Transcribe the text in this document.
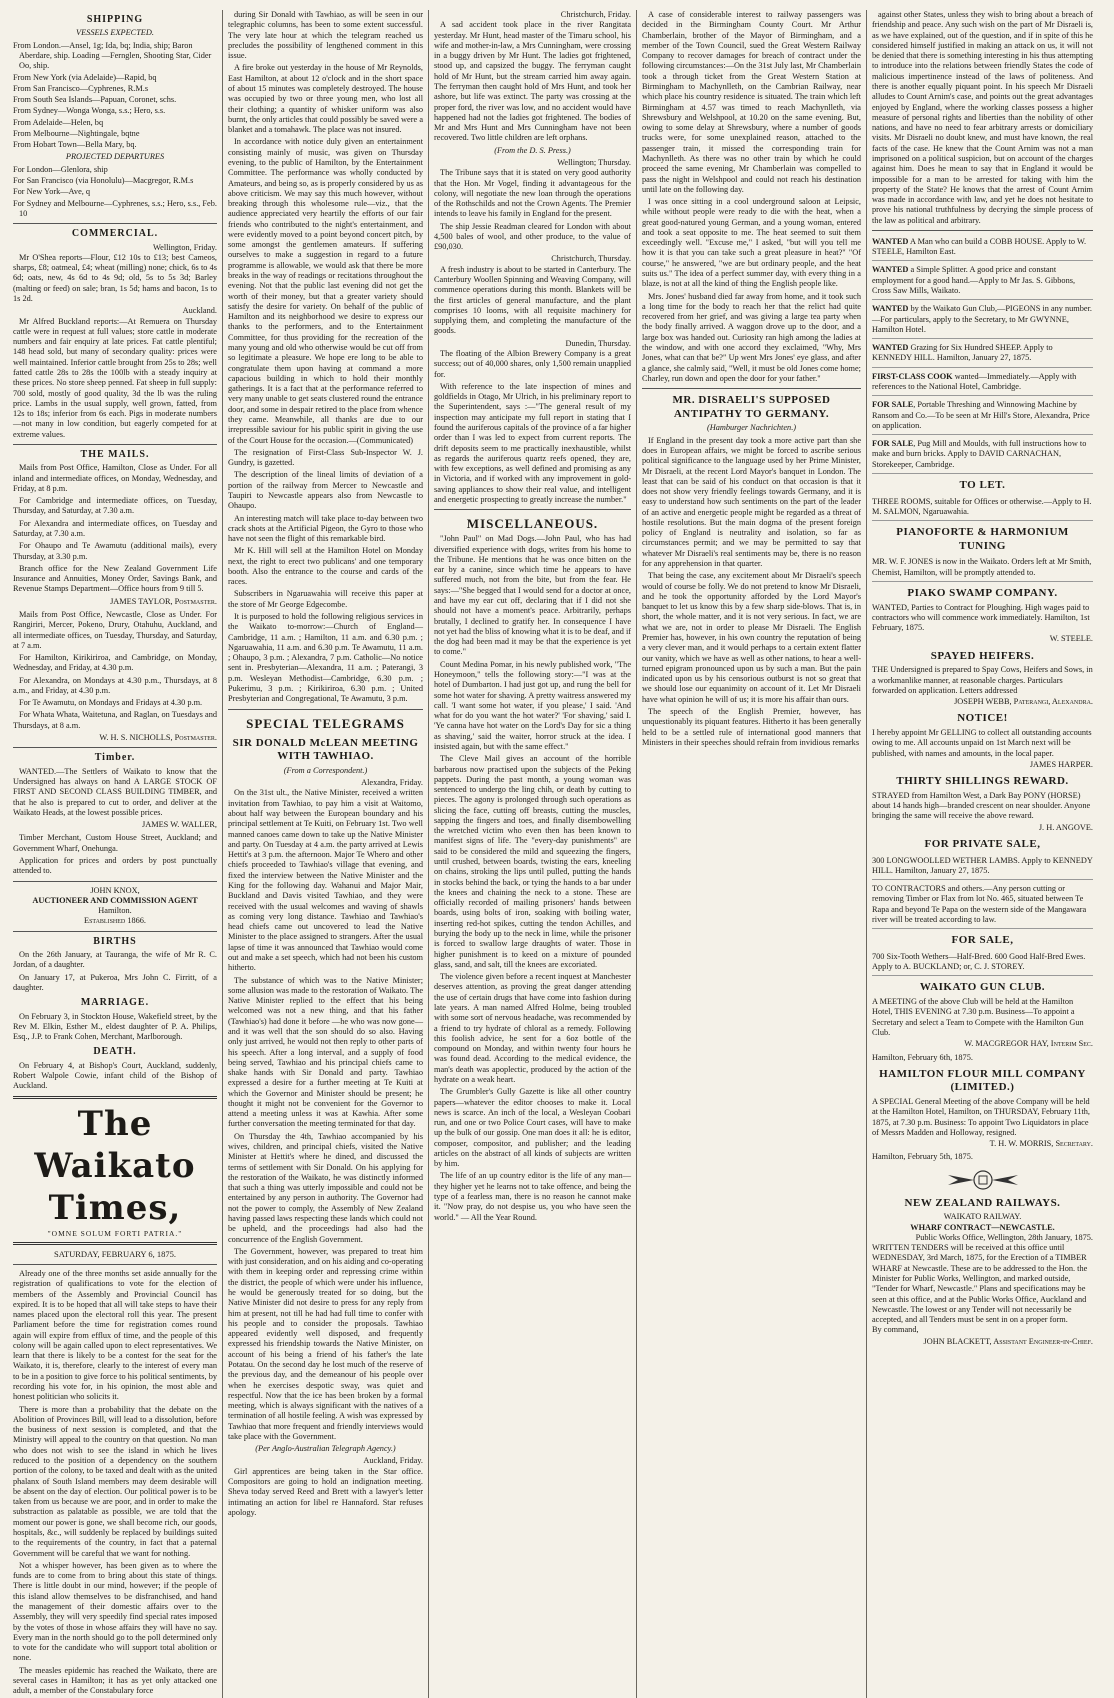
SHIPPING
VESSELS EXPECTED.
From London.—Ansel, 1g; Ida, bq; India, ship; Baron Aberdare, ship. Loading —Fernglen, Shooting Star, Cider Oo, ship.
From New York (via Adelaide)—Rapid, bq
From San Francisco—Cyphrenes, R.M.s
From South Sea Islands—Papuan, Coronet, schs.
From Sydney—Wonga Wonga, s.s.; Hero, s.s.
From Adelaide—Helen, bq
From Melbourne—Nightingale, bqtne
From Hobart Town—Bella Mary, bq.
PROJECTED DEPARTURES
For London—Glenlora, ship
For San Francisco (via Honolulu)—Macgregor, R.M.s
For New York—Ave, q
For Sydney and Melbourne—Cyphrenes, s.s.; Hero, s.s., Feb. 10
COMMERCIAL.
Wellington, Friday.

Mr O'Shea reports—Flour, £12 10s to £13; best Cameos, sharps, £8; oatmeal, £4; wheat (milling) none; chick, 6s to 4s 6d; oats, new, 4s 6d to 4s 9d; old, 5s to 5s 3d; Barley (malting or feed) on sale; bran, 1s 5d; hams and bacon, 1s to 1s 2d.

Auckland.

Mr Alfred Buckland reports:—At Remuera on Thursday cattle were in request at full values; store cattle in moderate numbers and fair enquiry at late prices. Fat cattle plentiful; 148 head sold, but many of secondary quality: prices were well maintained. Inferior cattle brought from 25s to 28s; well fatted cattle 28s to 28s the 100lb with a steady inquiry at these prices. No store sheep penned. Fat sheep in full supply: 700 sold, mostly of good quality, 3d the lb was the ruling price. Lambs in the usual supply, well grown, fatted, from 12s to 18s; inferior from 6s each. Pigs in moderate numbers—not many in low condition, but eagerly competed for at extreme values.

THE MAILS.

Mails from Post Office, Hamilton, Close as Under. For all inland and intermediate offices, on Monday, Wednesday, and Friday, at 8 p.m.

For Cambridge and intermediate offices, on Tuesday, Thursday, and Saturday, at 7.30 a.m.

For Alexandra and intermediate offices, on Tuesday and Saturday, at 7.30 a.m.

For Ohaupo and Te Awamutu (additional mails), every Thursday, at 3.30 p.m.

Branch office for the New Zealand Government Life Insurance and Annuities, Money Order, Savings Bank, and Revenue Stamps Department—Office hours from 9 till 5.

JAMES TAYLOR, Postmaster.

Mails from Post Office, Newcastle, Close as Under. For Rangiriri, Mercer, Pokeno, Drury, Otahuhu, Auckland, and all intermediate offices, on Tuesday, Thursday, and Saturday, at 7 a.m.

For Hamilton, Kirikiriroa, and Cambridge, on Monday, Wednesday, and Friday, at 4.30 p.m.

For Alexandra, on Mondays at 4.30 p.m., Thursdays, at 8 a.m., and Friday, at 4.30 p.m.

For Te Awamutu, on Mondays and Fridays at 4.30 p.m.

For Whata Whata, Waitetuna, and Raglan, on Tuesdays and Thursdays, at 8 a.m.

W. H. S. NICHOLLS, Postmaster.
Timber.

WANTED.—The Settlers of Waikato to know that the Undersigned has always on hand A LARGE STOCK OF FIRST AND SECOND CLASS BUILDING TIMBER, and that he also is prepared to cut to order, and deliver at the Waikato Heads, at the lowest possible prices.

JAMES W. WALLER,

Timber Merchant, Custom House Street, Auckland; and Government Wharf, Onehunga.

Application for prices and orders by post punctually attended to.

JOHN KNOX,
AUCTIONEER AND COMMISSION AGENT
Hamilton.
Established 1866.
BIRTHS

On the 26th January, at Tauranga, the wife of Mr R. C. Jordan, of a daughter.

On January 17, at Pukeroa, Mrs John C. Firritt, of a daughter.

MARRIAGE.

On February 3, in Stockton House, Wakefield street, by the Rev M. Elkin, Esther M., eldest daughter of P. A. Philips, Esq., J.P. to Frank Cohen, Merchant, Marlborough.

DEATH.

On February 4, at Bishop's Court, Auckland, suddenly, Robert Walpole Cowie, infant child of the Bishop of Auckland.

The Waikato Times,
"OMNE SOLUM FORTI PATRIA."
SATURDAY, FEBRUARY 6, 1875.

Already one of the three months set aside annually for the registration of qualifications to vote for the election of members of the Assembly and Provincial Council has expired. It is to be hoped that all will take steps to have their names placed upon the electoral roll this year. The present Parliament before the time for registration comes round again will expire from efflux of time, and the people of this colony will be again called upon to elect representatives. We learn that there is likely to be a contest for the seat for the Waikato, it is, therefore, clearly to the interest of every man to be in a position to give force to his political sentiments, by recording his vote for, in his opinion, the most able and honest politician who solicits it.

There is more than a probability that the debate on the Abolition of Provinces Bill, will lead to a dissolution, before the business of next session is completed, and that the Ministry will appeal to the country on that question. No man who does not wish to see the island in which he lives reduced to the position of a dependency on the southern portion of the colony, to be taxed and dealt with as the united phalanx of South Island members may deem desirable will be absent on the day of election. Our political power is to be taken from us because we are poor, and in order to make the substraction as palatable as possible, we are told that the moment our power is gone, we shall become rich, our goods, hospitals, &c., will suddenly be replaced by buildings suited to the requirements of the country, in fact that a paternal Government will be careful that we want for nothing.

Not a whisper however, has been given as to where the funds are to come from to bring about this state of things. There is little doubt in our mind, however; if the people of this island allow themselves to be disfranchised, and hand the management of their domestic affairs over to the Assembly, they will very speedily find special rates imposed by the votes of those in whose affairs they will have no say. Every man in the north should go to the poll determined only to vote for the candidate who will support total abolition or none.

The measles epidemic has reached the Waikato, there are several cases in Hamilton; it has as yet only attacked one adult, a member of the Constabulary force

during Sir Donald with Tawhiao, as will be seen in our telegraphic columns, has been to some extent successful. The very late hour at which the telegram reached us precludes the possibility of lengthened comment in this issue.

A fire broke out yesterday in the house of Mr Reynolds, East Hamilton, at about 12 o'clock and in the short space of about 15 minutes was completely destroyed. The house was occupied by two or three young men, who lost all their clothing; a quantity of whisker uniform was also burnt, the only articles that could possibly be saved were a blanket and a tomahawk. The place was not insured.

In accordance with notice duly given an entertainment consisting mainly of music, was given on Thursday evening, to the public of Hamilton, by the Entertainment Committee. The performance was wholly conducted by Amateurs, and being so, as is properly considered by us as above criticism. We may say this much however, without breaking through this wholesome rule—viz., that the audience appreciated very heartily the efforts of our fair friends who contributed to the night's entertainment, and were evidently moved to a point beyond concert pitch, by some amongst the gentlemen amateurs. If suffering ourselves to make a suggestion in regard to a future programme is allowable, we would ask that there be more breaks in the way of readings or recitations throughout the evening. Not that the public last evening did not get the worth of their money, but that a greater variety should satisfy the desire for variety. On behalf of the public of Hamilton and its neighborhood we desire to express our thanks to the performers, and to the Entertainment Committee, for thus providing for the recreation of the many young and old who otherwise would be cut off from so legitimate a pleasure. We hope ere long to be able to congratulate them upon having at command a more capacious building in which to hold their monthly gatherings. It is a fact that at the performance referred to very many unable to get seats clustered round the entrance door, and some in despair retired to the place from whence they came. Meanwhile, all thanks are due to our irrepressible saviour for his public spirit in giving the use of the Court House for the occasion.—(Communicated)

The resignation of First-Class Sub-Inspector W. J. Gundry, is gazetted.

The description of the lineal limits of deviation of a portion of the railway from Mercer to Newcastle and Taupiri to Newcastle appears also from Newcastle to Ohaupo.

An interesting match will take place to-day between two crack shots at the Artificial Pigeon, the Gyro to those who have not seen the flight of this remarkable bird.

Mr K. Hill will sell at the Hamilton Hotel on Monday next, the right to erect two publicans' and one temporary booth. Also the entrance to the course and cards of the races.

Subscribers in Ngaruawahia will receive this paper at the store of Mr George Edgecombe.

It is purposed to hold the following religious services in the Waikato to-morrow:—Church of England—Cambridge, 11 a.m. ; Hamilton, 11 a.m. and 6.30 p.m. ; Ngaruawahia, 11 a.m. and 6.30 p.m. Te Awamutu, 11 a.m. ; Ohaupo, 3 p.m. ; Alexandra, 7 p.m. Catholic—No notice sent in. Presbyterian—Alexandra, 11 a.m. ; Paterangi, 3 p.m. Wesleyan Methodist—Cambridge, 6.30 p.m. ; Pukerimu, 3 p.m. ; Kirikiriroa, 6.30 p.m. ; United Presbyterian and Congregational, Te Awamutu, 3 p.m.

SPECIAL TELEGRAMS
SIR DONALD McLEAN MEETING WITH TAWHIAO.
(From a Correspondent.)
Alexandra, Friday.

On the 31st ult., the Native Minister, received a written invitation from Tawhiao, to pay him a visit at Waitomo, about half way between the European boundary and his principal settlement at Te Kuiti, on February 1st. Two well manned canoes came down to take up the Native Minister and party. On Tuesday at 4 a.m. the party arrived at Lewis Hettit's at 3 p.m. the afternoon. Major Te Whero and other chiefs proceeded to Tawhiao's village that evening, and fixed the interview between the Native Minister and the King for the following day. Wahanui and Major Mair, Buckland and Davis visited Tawhiao, and they were received with the usual welcomes and waving of shawls as coming very long distance. Tawhiao and Tawhiao's head chiefs came out uncovered to lead the Native Minister to the place assigned to strangers. After the usual lapse of time it was announced that Tawhiao would come out and make a set speech, which had not been his custom hitherto.

The substance of which was to the Native Minister; some allusion was made to the restoration of Waikato. The Native Minister replied to the effect that his being welcomed was not a new thing, and that his father (Tawhiao's) had done it before —he who was now gone—and it was well that the son should do so also. Having only just arrived, he would not then reply to other parts of his speech. After a long interval, and a supply of food being served, Tawhiao and his principal chiefs came to shake hands with Sir Donald and party. Tawhiao expressed a desire for a further meeting at Te Kuiti at which the Governor and Minister should be present; he thought it might not be convenient for the Governor to attend a meeting unless it was at Kawhia. After some further conversation the meeting terminated for that day.

On Thursday the 4th, Tawhiao accompanied by his wives, children, and principal chiefs, visited the Native Minister at Hettit's where he dined, and discussed the terms of settlement with Sir Donald. On his applying for the restoration of the Waikato, he was distinctly informed that such a thing was utterly impossible and could not be entertained by any person in authority. The Governor had not the power to comply, the Assembly of New Zealand having passed laws respecting these lands which could not be upheld, and the proceedings had also had the concurrence of the English Government.

The Government, however, was prepared to treat him with just consideration, and on his aiding and co-operating with them in keeping order and repressing crime within the district, the people of which were under his influence, he would be generously treated for so doing, but the Native Minister did not desire to press for any reply from him at present, not till he had had full time to confer with his people and to consider the proposals. Tawhiao appeared evidently well disposed, and frequently expressed his friendship towards the Native Minister, on account of his being a friend of his father's the late Potatau. On the second day he lost much of the reserve of the previous day, and the demeanour of his people over when he exercises despotic sway, was quiet and respectful. Now that the ice has been broken by a formal meeting, which is always significant with the natives of a termination of all hostile feeling. A wish was expressed by Tawhiao that more frequent and friendly interviews would take place with the Government.

(Per Anglo-Australian Telegraph Agency.)
Auckland, Friday.

Girl apprentices are being taken in the Star office. Compositors are going to hold an indignation meeting. Sheva today served Reed and Brett with a lawyer's letter intimating an action for libel re Hannaford. Star refuses apology.

Christchurch, Friday.

A sad accident took place in the river Rangitata yesterday. Mr Hunt, head master of the Timaru school, his wife and mother-in-law, a Mrs Cunningham, were crossing in a buggy driven by Mr Hunt. The ladies got frightened, stood up, and capsized the buggy. The ferryman caught hold of Mr Hunt, but the stream carried him away again. The ferryman then caught hold of Mrs Hunt, and took her ashore, but life was extinct. The party was crossing at the proper ford, the river was low, and no accident would have happened had not the ladies got frightened. The bodies of Mr and Mrs Hunt and Mrs Cunningham have not been recovered. Two little children are left orphans.

(From the D. S. Press.)
Wellington; Thursday.

The Tribune says that it is stated on very good authority that the Hon. Mr Vogel, finding it advantageous for the colony, will negotiate the new loan through the operations of the Rothschilds and not the Crown Agents. The Premier intends to leave his family in England for the present.

The ship Jessie Readman cleared for London with about 4,500 bales of wool, and other produce, to the value of £90,030.

Christchurch, Thursday.

A fresh industry is about to be started in Canterbury. The Canterbury Woollen Spinning and Weaving Company, will commence operations during this month. Blankets will be the first articles of general manufacture, and the plant comprises 10 looms, with all requisite machinery for supplying them, and completing the manufacture of the goods.

Dunedin, Thursday.

The floating of the Albion Brewery Company is a great success; out of 40,000 shares, only 1,500 remain unapplied for.

With reference to the late inspection of mines and goldfields in Otago, Mr Ulrich, in his preliminary report to the Superintendent, says :—"The general result of my inspection may anticipate my full report in stating that I found the auriferous capitals of the province of a far higher order than I was led to expect from current reports. The drift deposits seem to me practically inexhaustible, whilst as regards the auriferous quartz reefs opened, they are, with few exceptions, as well defined and promising as any in Victoria, and if worked with any improvement in gold-saving appliances to show their real value, and intelligent and energetic prospecting to greatly increase the number."

MISCELLANEOUS.

"John Paul" on Mad Dogs.—John Paul, who has had diversified experience with dogs, writes from his home to the Tribune. He mentions that he was once bitten on the ear by a canine, since which time he appears to have suffered much, not from the bite, but from the fear. He says:—"She begged that I would send for a doctor at once, and have my ear cut off, declaring that if I did not she should not have a moment's peace. Arbitrarily, perhaps brutally, I declined to gratify her. In consequence I have not yet had the bliss of knowing what it is to be deaf, and if the dog had been mad it may be that the experience is yet to come."

Count Medina Pomar, in his newly published work, "The Honeymoon," tells the following story:—"I was at the hotel of Dumbarton. I had just got up, and rung the bell for some hot water for shaving. A pretty waitress answered my call. 'I want some hot water, if you please,' I said. 'And what for do you want the hot water?' 'For shaving,' said I. 'Ye canna have hot water on the Lord's Day for sic a thing as shaving,' said the waiter, horror struck at the idea. I insisted again, but with the same effect."

The Cleve Mail gives an account of the horrible barbarous now practised upon the subjects of the Peking pappets. During the past month, a young woman was sentenced to undergo the ling chih, or death by cutting to pieces. The agony is prolonged through such operations as slicing the face, cutting off breasts, cutting the muscles, sapping the fingers and toes, and finally disembowelling the wretched victim who even then has been known to manifest signs of life. The "every-day punishments" are said to be considered the mild and squeezing the fingers, until crushed, between boards, twisting the ears, kneeling on chains, stroking the lips until pulled, putting the hands in stocks behind the back, or tying the hands to a bar under the knees and chaining the neck to a stone. These are officially recorded of mailing prisoners' hands between boards, using bolts of iron, soaking with boiling water, inserting red-hot spikes, cutting the tendon Achilles, and burying the body up to the neck in lime, while the prisoner is forced to swallow large draughts of water. Those in higher punishment is to keed on a mixture of pounded glass, sand, and salt, till the knees are excoriated.

The violence given before a recent inquest at Manchester deserves attention, as proving the great danger attending the use of certain drugs that have come into fashion during late years. A man named Alfred Holme, being troubled with some sort of nervous headache, was recommended by a friend to try hydrate of chloral as a remedy. Following this foolish advice, he sent for a 6oz bottle of the compound on Monday, and within twenty four hours he was found dead. According to the medical evidence, the man's death was apoplectic, produced by the action of the hydrate on a weak heart.

The Grumbler's Gully Gazette is like all other country papers—whatever the editor chooses to make it. Local news is scarce. An inch of the local, a Wesleyan Coobari run, and one or two Police Court cases, will have to make up the bulk of our gossip. One man does it all: he is editor, composer, compositor, and publisher; and the leading articles on the abstract of all kinds of subjects are written by him.

The life of an up country editor is the life of any man—they higher yet he learns not to take offence, and being the type of a fearless man, there is no reason he cannot make it. "Now pray, do not despise us, you who have seen the world." — All the Year Round.

A case of considerable interest to railway passengers was decided in the Birmingham County Court. Mr Arthur Chamberlain, brother of the Mayor of Birmingham, and a member of the Town Council, sued the Great Western Railway Company to recover damages for breach of contract under the following circumstances:—On the 31st July last, Mr Chamberlain took a through ticket from the Great Western Station at Birmingham to Machynlleth, on the Cambrian Railway, near which place his country residence is situated. The train which left Birmingham at 4.57 was timed to reach Machynlleth, via Shrewsbury and Welshpool, at 10.20 on the same evening. But, owing to some delay at Shrewsbury, where a number of goods trucks were, for some unexplained reason, attached to the passenger train, it missed the corresponding train for Machynlleth. As there was no other train by which he could proceed the same evening, Mr Chamberlain was compelled to pass the night in Welshpool and could not reach his destination until late on the following day.

I was once sitting in a cool underground saloon at Leipsic, while without people were ready to die with the heat, when a great good-natured young German, and a young woman, entered and took a seat opposite to me. The heat seemed to suit them exceedingly well. "Excuse me," I asked, "but will you tell me how it is that you can take such a great pleasure in heat?" "Of course," he answered, "we are but ordinary people, and the heat suits us." The idea of a perfect summer day, with every thing in a blaze, is not at all the kind of thing the English people like.

Mrs. Jones' husband died far away from home, and it took such a long time for the body to reach her that the relict had quite recovered from her grief, and was giving a large tea party when the body finally arrived. A waggon drove up to the door, and a large box was handed out. Curiosity ran high among the ladies at the window, and with one accord they exclaimed, "Why, Mrs Jones, what can that be?" Up went Mrs Jones' eye glass, and after a glance, she calmly said, "Well, it must be old Jones come home; Charley, run down and open the door for your father."

MR. DISRAELI'S SUPPOSED ANTIPATHY TO GERMANY.
(Hamburger Nachrichten.)

If England in the present day took a more active part than she does in European affairs, we might be forced to ascribe serious political significance to the language used by her Prime Minister, Mr Disraeli, at the recent Lord Mayor's banquet in London. The least that can be said of his conduct on that occasion is that it does not show very friendly feelings towards Germany, and it is easy to understand how such sentiments on the part of the leader of an active and energetic people might be regarded as a threat of hostile resolutions. But the main dogma of the present foreign policy of England is neutrality and isolation, so far as circumstances permit; and we may be permitted to say that whatever Mr Disraeli's real sentiments may be, there is no reason for any apprehension in that quarter.

That being the case, any excitement about Mr Disraeli's speech would of course be folly. We do not pretend to know Mr Disraeli, and he took the opportunity afforded by the Lord Mayor's banquet to let us know this by a few sharp side-blows. That is, in short, the whole matter, and it is not very serious. In fact, we are what we are, not in order to please Mr Disraeli. The English Premier has, however, in his own country the reputation of being a very clever man, and it would perhaps to a certain extent flatter our vanity, which we have as well as other nations, to hear a well-turned epigram pronounced upon us by such a man. But the pain indicated upon us by his censorious outburst is not so great that we should lose our equanimity on account of it. Let Mr Disraeli have what opinion he will of us; it is more his affair than ours.

The speech of the English Premier, however, has unquestionably its piquant features. Hitherto it has been generally held to be a settled rule of international good manners that Ministers in their speeches should refrain from invidious remarks

against other States, unless they wish to bring about a breach of friendship and peace. Any such wish on the part of Mr Disraeli is, as we have explained, out of the question, and if in spite of this he considered himself justified in making an attack on us, it will not be denied that there is something interesting in his thus attempting to introduce into the relations between friendly States the code of malicious impertinence instead of the laws of politeness. And there is another equally piquant point. In his speech Mr Disraeli alludes to Count Arnim's case, and points out the great advantages enjoyed by England, where the working classes possess a higher measure of personal rights and liberties than the nobility of other nations, and have no need to fear arbitrary arrests or domiciliary visits. Mr Disraeli no doubt knew, and must have known, the real facts of the case. He knew that the Count Arnim was not a man imprisoned on a political suspicion, but on account of the charges against him. Does he mean to say that in England it would be impossible for a man to be arrested for taking with him the property of the State? He knows that the arrest of Count Arnim was made in accordance with law, and yet he does not hesitate to prove his national truthfulness by decrying the simple process of the law as political and arbitrary.

WANTED A Man who can build a COBB HOUSE. Apply to W. STEELE, Hamilton East.
WANTED a Simple Splitter. A good price and constant employment for a good hand.—Apply to Mr Jas. S. Gibbons, Cross Saw Mills, Waikato.
WANTED by the Waikato Gun Club,—PIGEONS in any number.—For particulars, apply to the Secretary, to Mr GWYNNE, Hamilton Hotel.
WANTED Grazing for Six Hundred SHEEP. Apply to KENNEDY HILL. Hamilton, January 27, 1875.
FIRST-CLASS COOK wanted—Immediately.—Apply with references to the National Hotel, Cambridge.
FOR SALE, Portable Threshing and Winnowing Machine by Ransom and Co.—To be seen at Mr Hill's Store, Alexandra, Price on application.
FOR SALE, Pug Mill and Moulds, with full instructions how to make and burn bricks. Apply to DAVID CARNACHAN, Storekeeper, Cambridge.
TO LET.
THREE ROOMS, suitable for Offices or otherwise.—Apply to H. M. SALMON, Ngaruawahia.
PIANOFORTE & HARMONIUM TUNING
MR. W. F. JONES is now in the Waikato. Orders left at Mr Smith, Chemist, Hamilton, will be promptly attended to.
PIAKO SWAMP COMPANY.
WANTED, Parties to Contract for Ploughing. High wages paid to contractors who will commence work immediately. Hamilton, 1st February, 1875.
W. STEELE.
SPAYED HEIFERS.
THE Undersigned is prepared to Spay Cows, Heifers and Sows, in a workmanlike manner, at reasonable charges. Particulars forwarded on application. Letters addressed
JOSEPH WEBB, Paterangi, Alexandra.
NOTICE!
I hereby appoint Mr GELLING to collect all outstanding accounts owing to me. All accounts unpaid on 1st March next will be published, with names and amounts, in the local paper.
JAMES HARPER.
THIRTY SHILLINGS REWARD.
STRAYED from Hamilton West, a Dark Bay PONY (HORSE) about 14 hands high—branded crescent on near shoulder. Anyone bringing the same will receive the above reward.
J. H. ANGOVE.
FOR PRIVATE SALE,
300 LONGWOOLLED WETHER LAMBS. Apply to KENNEDY HILL. Hamilton, January 27, 1875.
TO CONTRACTORS and others.—Any person cutting or removing Timber or Flax from lot No. 465, situated between Te Rapa and beyond Te Papa on the western side of the Mangawara river will be treated according to law.
FOR SALE,
700 Six-Tooth Wethers—Half-Bred. 600 Good Half-Bred Ewes. Apply to A. BUCKLAND; or, C. J. STOREY.
WAIKATO GUN CLUB.
A MEETING of the above Club will be held at the Hamilton Hotel, THIS EVENING at 7.30 p.m. Business—To appoint a Secretary and select a Team to Compete with the Hamilton Gun Club.
W. MACGREGOR HAY, Interim Sec.
Hamilton, February 6th, 1875.
HAMILTON FLOUR MILL COMPANY (LIMITED.)
A SPECIAL General Meeting of the above Company will be held at the Hamilton Hotel, Hamilton, on THURSDAY, February 11th, 1875, at 7.30 p.m. Business: To appoint Two Liquidators in place of Messrs Madden and Holloway, resigned.
T. H. W. MORRIS, Secretary.
Hamilton, February 5th, 1875.
NEW ZEALAND RAILWAYS.
WAIKATO RAILWAY.
WHARF CONTRACT—NEWCASTLE.
Public Works Office, Wellington, 28th January, 1875.
WRITTEN TENDERS will be received at this office until WEDNESDAY, 3rd March, 1875, for the Erection of a TIMBER WHARF at Newcastle. These are to be addressed to the Hon. the Minister for Public Works, Wellington, and marked outside, "Tender for Wharf, Newcastle." Plans and specifications may be seen at this office, and at the Public Works Office, Auckland and Newcastle. The lowest or any Tender will not necessarily be accepted, and all Tenders must be sent in on a proper form.
By command,
JOHN BLACKETT, Assistant Engineer-in-Chief.
